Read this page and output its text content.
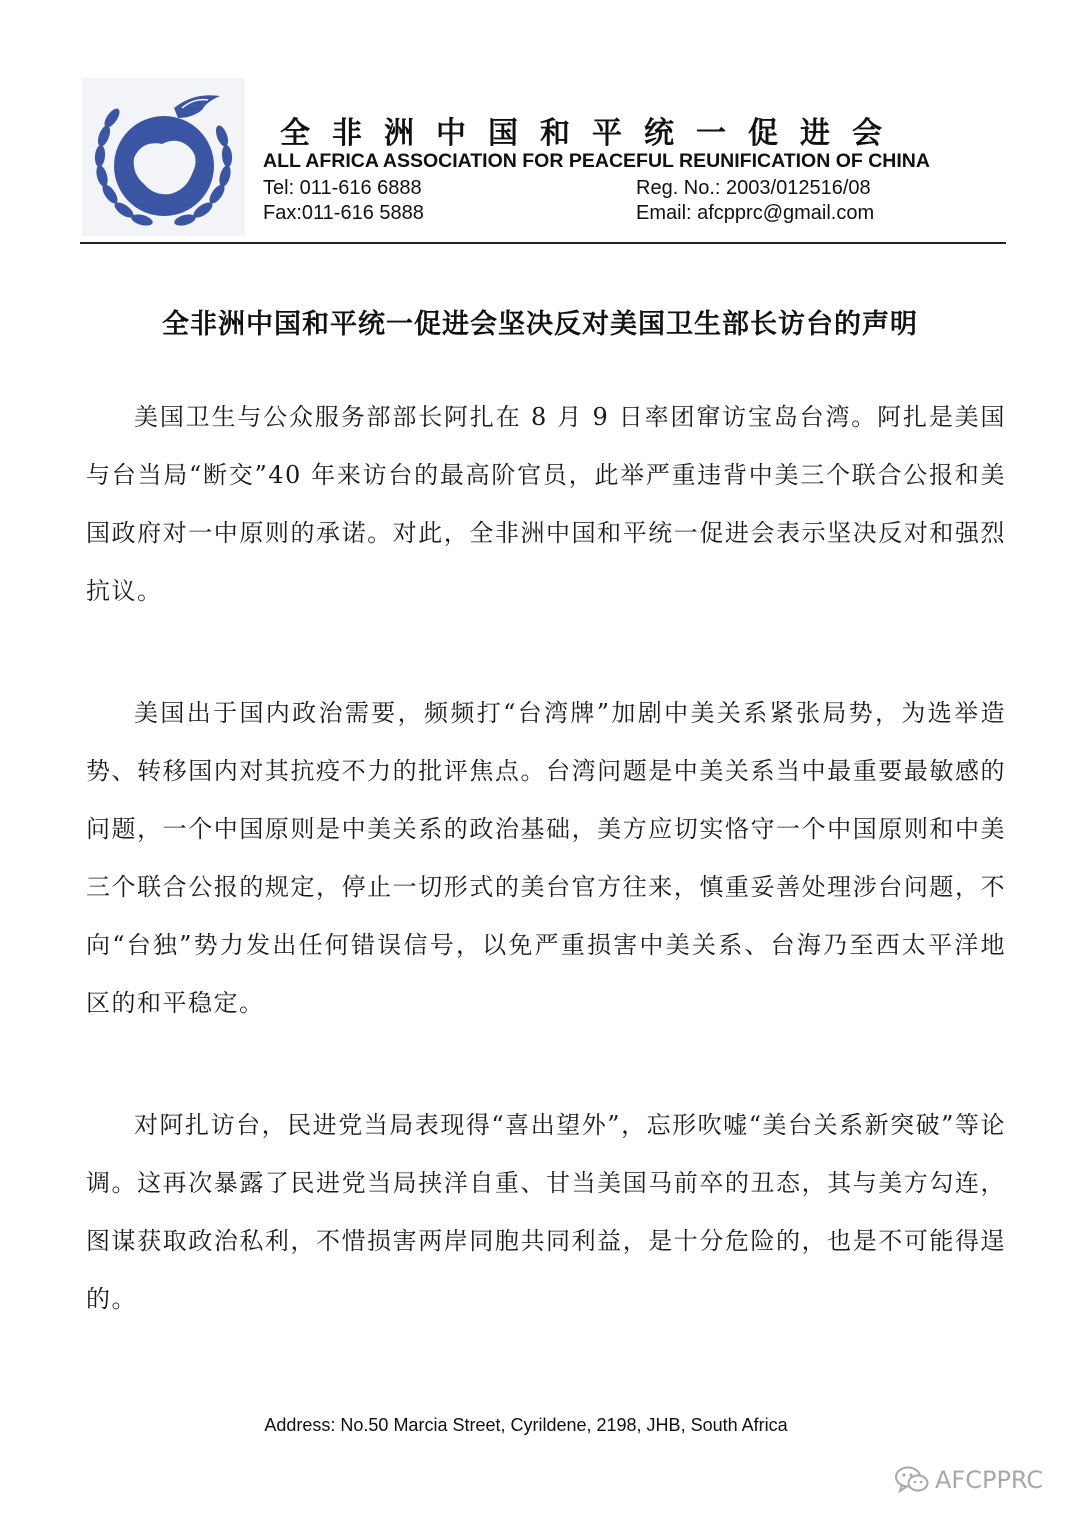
全非洲中国和平统一促进会
ALL AFRICA ASSOCIATION FOR PEACEFUL REUNIFICATION OF CHINA
Tel: 011-616 6888
Fax:011-616 5888
Reg. No.: 2003/012516/08
Email: afcpprc@gmail.com
全非洲中国和平统一促进会坚决反对美国卫生部长访台的声明

美国卫生与公众服务部部长阿扎在 8 月 9 日率团窜访宝岛台湾。阿扎是美国与台当局“断交”40 年来访台的最高阶官员，此举严重违背中美三个联合公报和美国政府对一中原则的承诺。对此，全非洲中国和平统一促进会表示坚决反对和强烈抗议。

美国出于国内政治需要，频频打“台湾牌”加剧中美关系紧张局势，为选举造势、转移国内对其抗疫不力的批评焦点。台湾问题是中美关系当中最重要最敏感的问题，一个中国原则是中美关系的政治基础，美方应切实恪守一个中国原则和中美三个联合公报的规定，停止一切形式的美台官方往来，慎重妥善处理涉台问题，不向“台独”势力发出任何错误信号，以免严重损害中美关系、台海乃至西太平洋地区的和平稳定。

对阿扎访台，民进党当局表现得“喜出望外”，忘形吹嘘“美台关系新突破”等论调。这再次暴露了民进党当局挟洋自重、甘当美国马前卒的丑态，其与美方勾连，图谋获取政治私利，不惜损害两岸同胞共同利益，是十分危险的，也是不可能得逞的。

Address: No.50 Marcia Street, Cyrildene, 2198, JHB, South Africa
AFCPPRC
